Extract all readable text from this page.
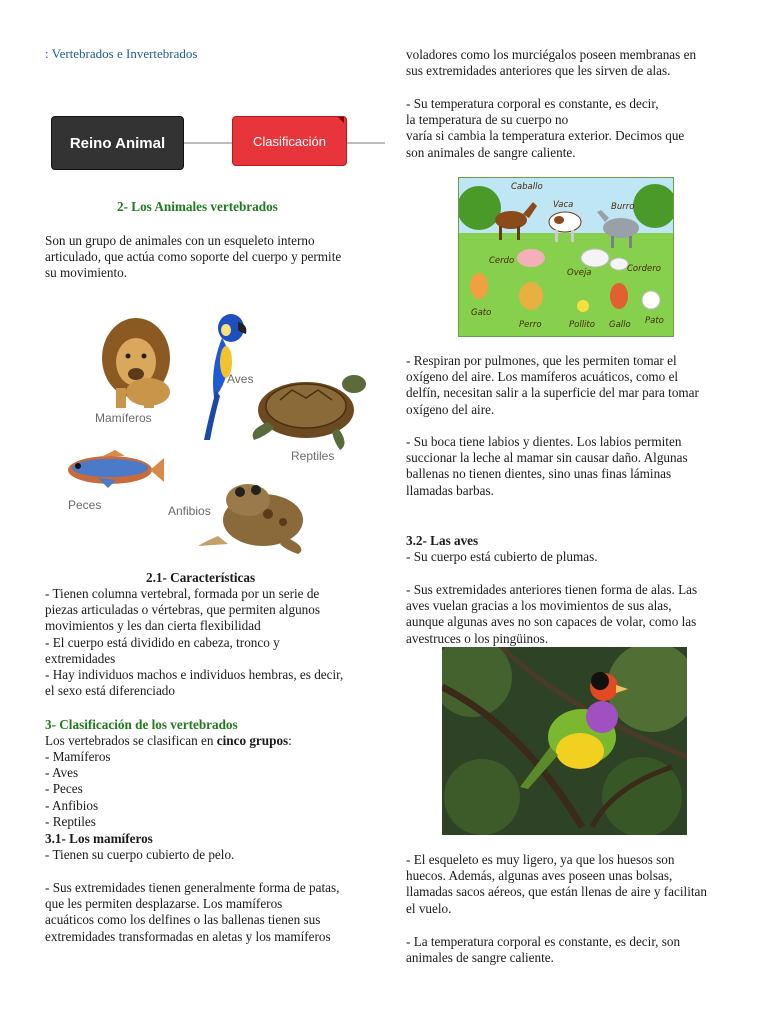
: Vertebrados e Invertebrados
Reino Animal	Clasificación
2- Los Animales vertebrados
Son un grupo de animales con un esqueleto interno
articulado, que actúa como soporte del cuerpo y permite
su movimiento.
Mamíferos
Aves
Reptiles
Peces	Anfibios
2.1- Características
- Tienen columna vertebral, formada por un serie de
piezas articuladas o vértebras, que permiten algunos
movimientos y les dan cierta flexibilidad
- El cuerpo está dividido en cabeza, tronco y
extremidades
- Hay individuos machos e individuos hembras, es decir,
el sexo está diferenciado
3- Clasificación de los vertebrados
Los vertebrados se clasifican en cinco grupos:
- Mamíferos
- Aves
- Peces
- Anfibios
- Reptiles
3.1- Los mamíferos
- Tienen su cuerpo cubierto de pelo.
- Sus extremidades tienen generalmente forma de patas,
que les permiten desplazarse. Los mamíferos
acuáticos como los delfines o las ballenas tienen sus
extremidades transformadas en aletas y los mamíferos
voladores como los murciégalos poseen membranas en
sus extremidades anteriores que les sirven de alas.
- Su temperatura corporal es constante, es decir,
la temperatura de su cuerpo no
varía si cambia la temperatura exterior. Decimos que
son animales de sangre caliente.
Caballo
Vaca	Burro
Cerdo
Oveja	Cordero
Gato
Perro	Pollito Gallo Pato
- Respiran por pulmones, que les permiten tomar el
oxígeno del aire. Los mamíferos acuáticos, como el
delfín, necesitan salir a la superficie del mar para tomar
oxígeno del aire.
- Su boca tiene labios y dientes. Los labios permiten
succionar la leche al mamar sin causar daño. Algunas
ballenas no tienen dientes, sino unas finas láminas
llamadas barbas.
3.2- Las aves
- Su cuerpo está cubierto de plumas.
- Sus extremidades anteriores tienen forma de alas. Las
aves vuelan gracias a los movimientos de sus alas,
aunque algunas aves no son capaces de volar, como las
avestruces o los pingüinos.
- El esqueleto es muy ligero, ya que los huesos son
huecos. Además, algunas aves poseen unas bolsas,
llamadas sacos aéreos, que están llenas de aire y facilitan
el vuelo.
- La temperatura corporal es constante, es decir, son
animales de sangre caliente.
